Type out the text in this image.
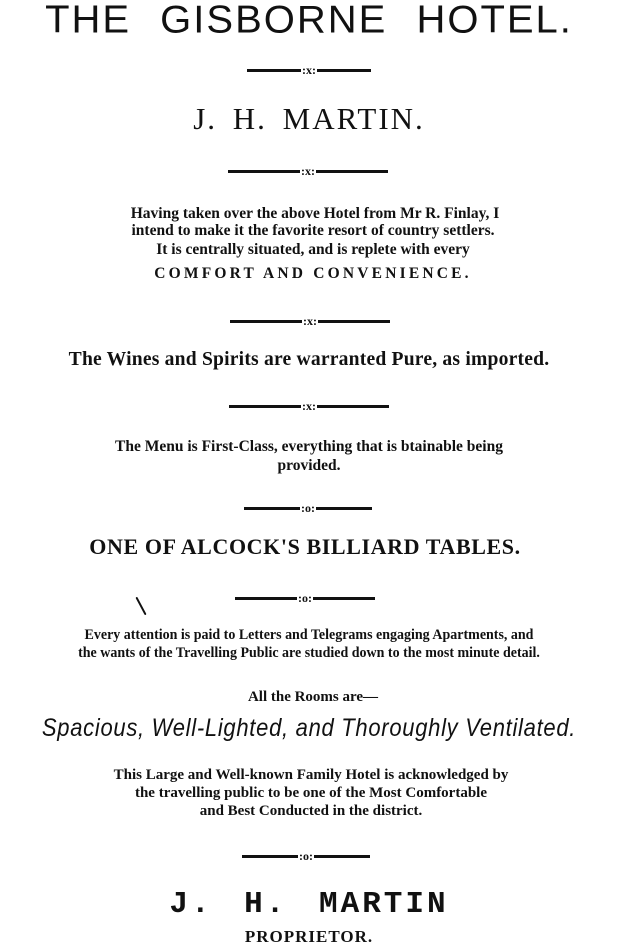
THE GISBORNE HOTEL.
:x:
J. H. MARTIN.
:x:
Having taken over the above Hotel from Mr R. Finlay, I
intend to make it the favorite resort of country settlers.
It is centrally situated, and is replete with every
COMFORT AND CONVENIENCE.
:x:
The Wines and Spirits are warranted Pure, as imported.
:x:
The Menu is First-Class, everything that is btainable being
provided.
:o:
ONE OF ALCOCK'S BILLIARD TABLES.
:o:
Every attention is paid to Letters and Telegrams engaging Apartments, and
the wants of the Travelling Public are studied down to the most minute detail.
All the Rooms are—
Spacious, Well-Lighted, and Thoroughly Ventilated.
This Large and Well-known Family Hotel is acknowledged by
the travelling public to be one of the Most Comfortable
and Best Conducted in the district.
:o:
J. H. MARTIN
PROPRIETOR.
